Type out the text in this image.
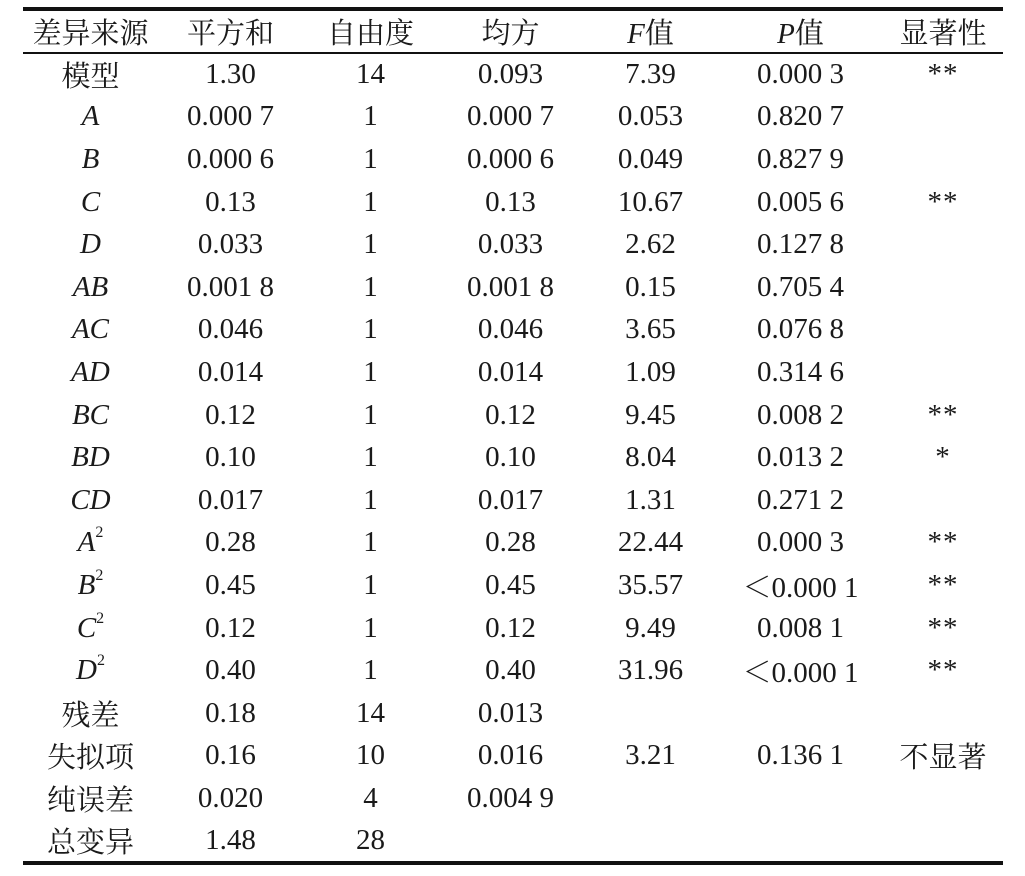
差异来源	平方和	自由度	均方	F值	P值	显著性
模型	1.30	14	0.093	7.39	0.000 3	**
A	0.000 7	1	0.000 7	0.053	0.820 7	
B	0.000 6	1	0.000 6	0.049	0.827 9	
C	0.13	1	0.13	10.67	0.005 6	**
D	0.033	1	0.033	2.62	0.127 8	
AB	0.001 8	1	0.001 8	0.15	0.705 4	
AC	0.046	1	0.046	3.65	0.076 8	
AD	0.014	1	0.014	1.09	0.314 6	
BC	0.12	1	0.12	9.45	0.008 2	**
BD	0.10	1	0.10	8.04	0.013 2	*
CD	0.017	1	0.017	1.31	0.271 2	
$A^2$	0.28	1	0.28	22.44	0.000 3	**
$B^2$	0.45	1	0.45	35.57	＜0.000 1	**
$C^2$	0.12	1	0.12	9.49	0.008 1	**
$D^2$	0.40	1	0.40	31.96	＜0.000 1	**
残差	0.18	14	0.013			
失拟项	0.16	10	0.016	3.21	0.136 1	不显著
纯误差	0.020	4	0.004 9			
总变异	1.48	28				
